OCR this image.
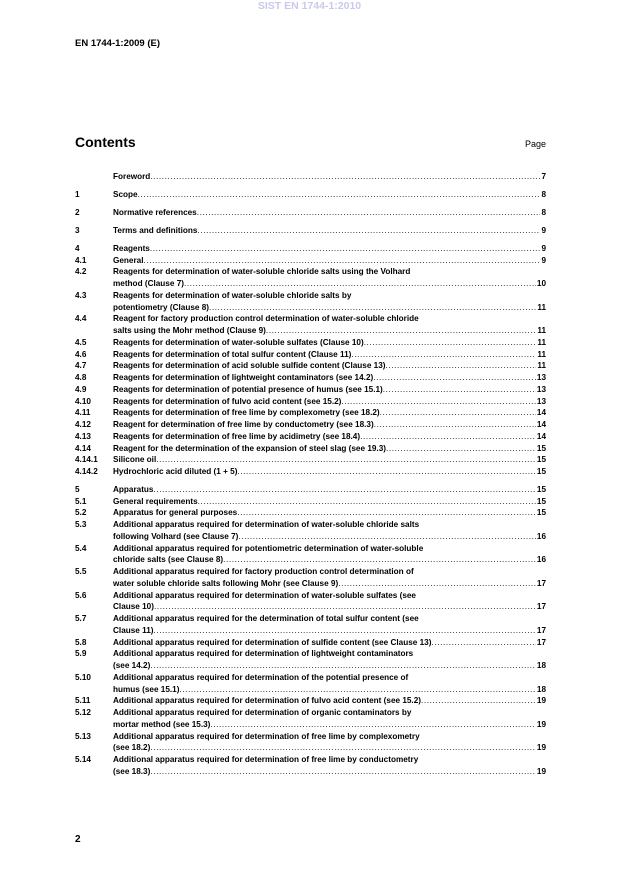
SIST EN 1744-1:2010
EN 1744-1:2009 (E)
Contents	Page
Foreword .....	7
1	Scope .....	8
2	Normative references .....	8
3	Terms and definitions .....	9
4	Reagents .....	9
4.1	General .....	9
4.2	Reagents for determination of water-soluble chloride salts using the Volhard
method (Clause 7) .....	10
4.3	Reagents for determination of water-soluble chloride salts by
potentiometry (Clause 8) .....	11
4.4	Reagent for factory production control determination of water-soluble chloride
salts using the Mohr method (Clause 9) .....	11
4.5	Reagents for determination of water-soluble sulfates (Clause 10) .....	11
4.6	Reagents for determination of total sulfur content (Clause 11) .....	11
4.7	Reagents for determination of acid soluble sulfide content (Clause 13) .....	11
4.8	Reagents for determination of lightweight contaminators (see 14.2) .....	13
4.9	Reagents for determination of potential presence of humus (see 15.1) .....	13
4.10	Reagents for determination of fulvo acid content (see 15.2) .....	13
4.11	Reagents for determination of free lime by complexometry (see 18.2) .....	14
4.12	Reagent for determination of free lime by conductometry (see 18.3) .....	14
4.13	Reagents for determination of free lime by acidimetry (see 18.4) .....	14
4.14	Reagent for the determination of the expansion of steel slag (see 19.3) .....	15
4.14.1	Silicone oil .....	15
4.14.2	Hydrochloric acid diluted (1 + 5) .....	15
5	Apparatus .....	15
5.1	General requirements .....	15
5.2	Apparatus for general purposes .....	15
5.3	Additional apparatus required for determination of water-soluble chloride salts
following Volhard (see Clause 7) .....	16
5.4	Additional apparatus required for potentiometric determination of water-soluble
chloride salts (see Clause 8) .....	16
5.5	Additional apparatus required for factory production control determination of
water soluble chloride salts following Mohr (see Clause 9) .....	17
5.6	Additional apparatus required for determination of water-soluble sulfates (see
Clause 10) .....	17
5.7	Additional apparatus required for the determination of total sulfur content (see
Clause 11) .....	17
5.8	Additional apparatus required for determination of sulfide content (see Clause 13) .....	17
5.9	Additional apparatus required for determination of lightweight contaminators
(see 14.2) .....	18
5.10	Additional apparatus required for determination of the potential presence of
humus (see 15.1) .....	18
5.11	Additional apparatus required for determination of fulvo acid content (see 15.2) .....	19
5.12	Additional apparatus required for determination of organic contaminators by
mortar method (see 15.3) .....	19
5.13	Additional apparatus required for determination of free lime by complexometry
(see 18.2) .....	19
5.14	Additional apparatus required for determination of free lime by conductometry
(see 18.3) .....	19
2
